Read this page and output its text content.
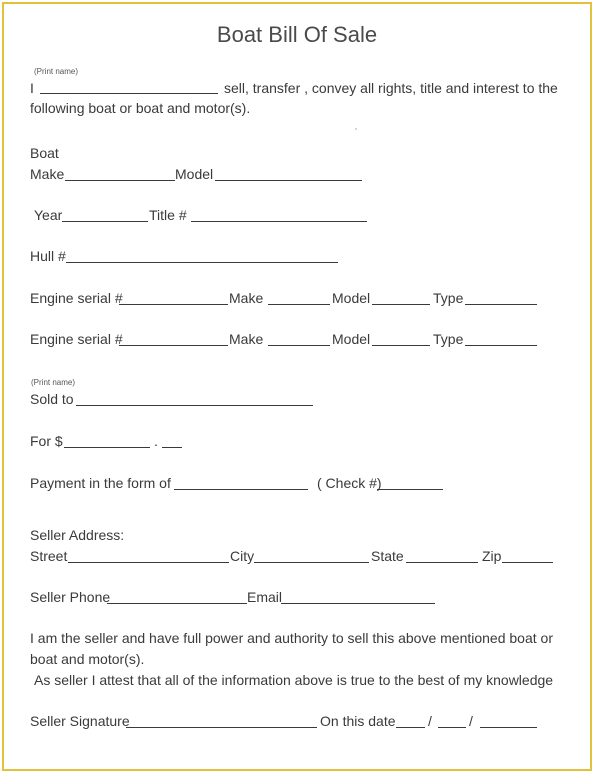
Boat Bill Of Sale
(Print name)
I	sell, transfer , convey all rights, title and interest to the
following boat or boat and motor(s).
Boat
Make	Model
Year	Title #
Hull #
Engine serial #	Make	Model	Type
Engine serial #	Make	Model	Type
(Print name)
Sold to
For $	.
Payment in the form of	( Check #)
Seller Address:
Street	City	State	Zip
Seller Phone	Email
I am the seller and have full power and authority to sell this above mentioned boat or
boat and motor(s).
As seller I attest that all of the information above is true to the best of my knowledge
Seller Signature	On this date /	/
